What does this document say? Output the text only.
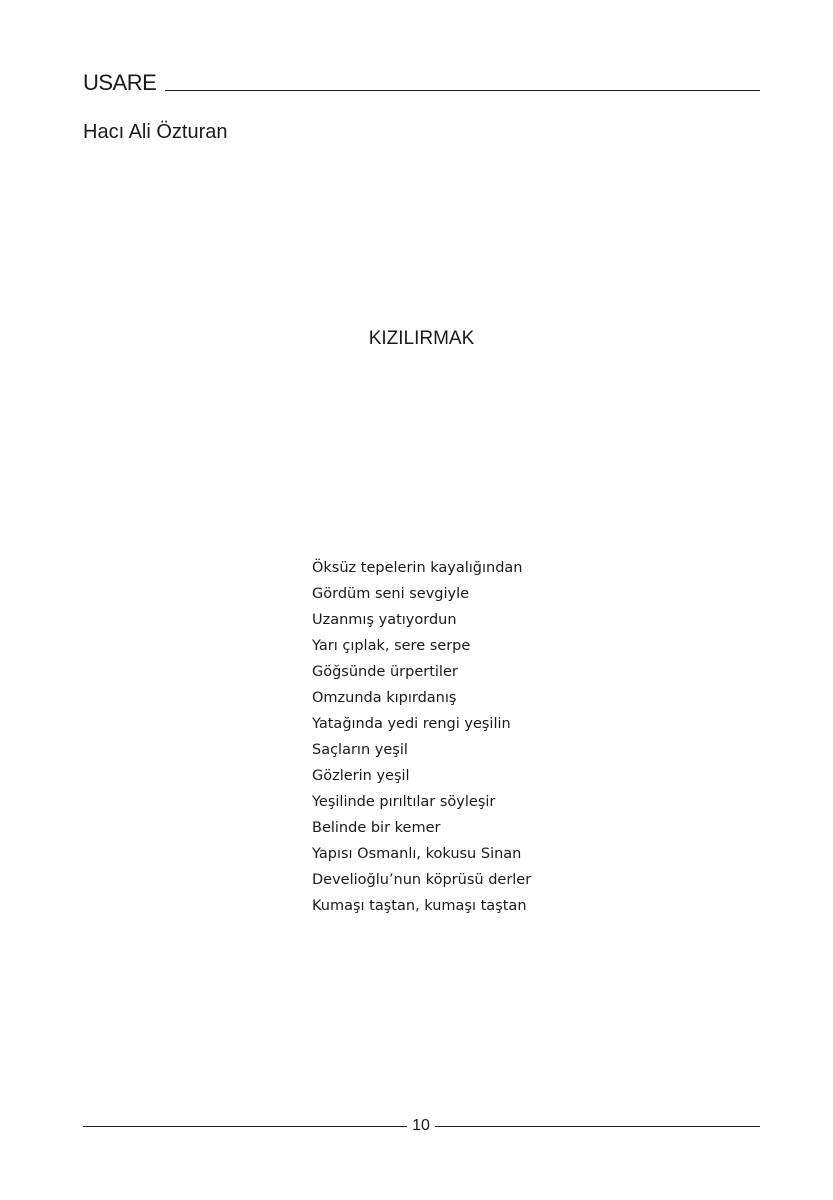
USARE
Hacı Ali Özturan
KIZILIRMAK
Öksüz tepelerin kayalığından
Gördüm seni sevgiyle
Uzanmış yatıyordun
Yarı çıplak, sere serpe
Göğsünde ürpertiler
Omzunda kıpırdanış
Yatağında yedi rengi yeşilin
Saçların yeşil
Gözlerin yeşil
Yeşilinde pırıltılar söyleşir
Belinde bir kemer
Yapısı Osmanlı, kokusu Sinan
Develioğlu’nun köprüsü derler
Kumaşı taştan, kumaşı taştan
10
